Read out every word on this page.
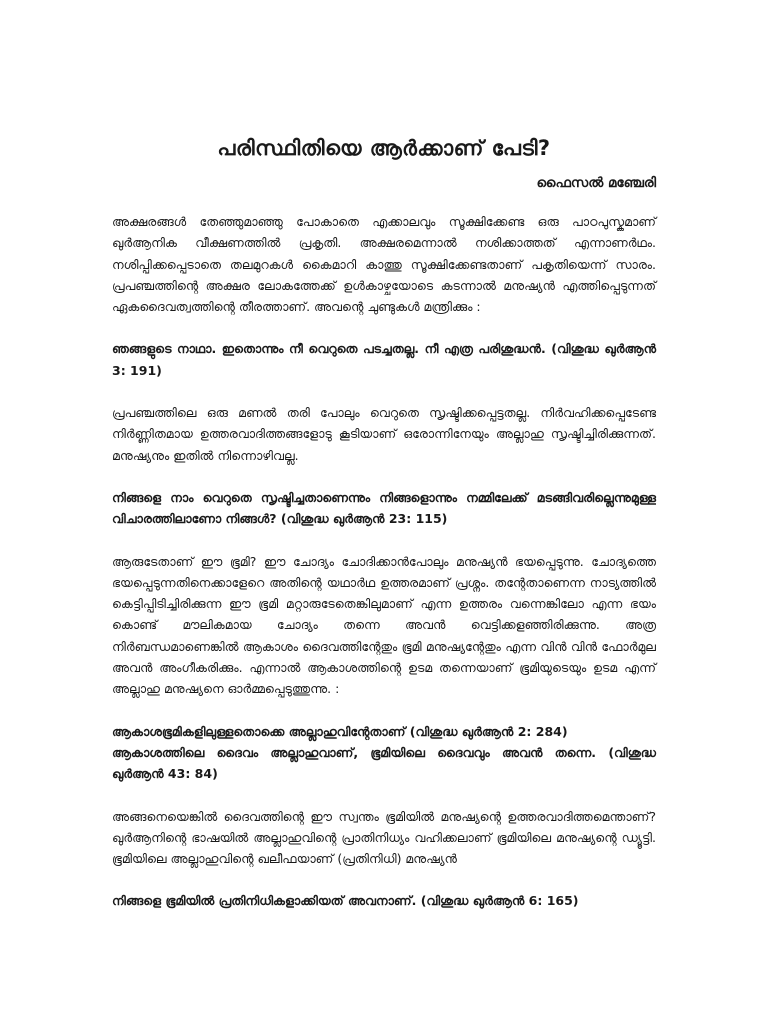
പരിസ്ഥിതിയെ ആർക്കാണ് പേടി?
ഫൈസൽ മഞ്ചേരി

അക്ഷരങ്ങൾ തേഞ്ഞുമാഞ്ഞു പോകാതെ എക്കാലവും സൂക്ഷിക്കേണ്ട ഒരു പാഠപുസ്കമാണ് ഖുർആനിക വീക്ഷണത്തിൽ പ്രകൃതി. അക്ഷരമെന്നാൽ നശിക്കാത്തത് എന്നാണർഥം. നശിപ്പിക്കപ്പെടാതെ തലമുറകൾ കൈമാറി കാത്തു സൂക്ഷിക്കേണ്ടതാണ് പകൃതിയെന്ന് സാരം. പ്രപഞ്ചത്തിന്റെ അക്ഷര ലോകത്തേക്ക് ഉൾകാഴ്ചയോടെ കടന്നാൽ മനുഷ്യൻ എത്തിപ്പെടുന്നത് ഏകദൈവത്വത്തിന്റെ തീരത്താണ്. അവന്റെ ചുണ്ടുകൾ മന്ത്രിക്കും :

ഞങ്ങളുടെ നാഥാ. ഇതൊന്നും നീ വെറുതെ പടച്ചതല്ല. നീ എത്ര പരിശുദ്ധൻ. (വിശുദ്ധ ഖുർആൻ 3: 191)

പ്രപഞ്ചത്തിലെ ഒരു മണൽ തരി പോലും വെറുതെ സൃഷ്ടിക്കപ്പെട്ടതല്ല. നിർവഹിക്കപ്പെടേണ്ട നിർണ്ണിതമായ ഉത്തരവാദിത്തങ്ങളോടു കൂടിയാണ് ഒരോന്നിനേയും അല്ലാഹു സൃഷ്ടിച്ചിരിക്കുന്നത്. മനുഷ്യനും ഇതിൽ നിന്നൊഴിവല്ല.

നിങ്ങളെ നാം വെറുതെ സൃഷ്ടിച്ചതാണെന്നും നിങ്ങളൊന്നും നമ്മിലേക്ക് മടങ്ങിവരില്ലെന്നുമുള്ള വിചാരത്തിലാണോ നിങ്ങൾ? (വിശുദ്ധ ഖുർആൻ 23: 115)

ആരുടേതാണ് ഈ ഭൂമി? ഈ ചോദ്യം ചോദിക്കാൻപോലും മനുഷ്യൻ ഭയപ്പെടുന്നു. ചോദ്യത്തെ ഭയപ്പെടുന്നതിനെക്കാളേറെ അതിന്റെ യഥാർഥ ഉത്തരമാണ് പ്രശ്നം. തന്റേതാണെന്ന നാട്യത്തിൽ കെട്ടിപ്പിടിച്ചിരിക്കുന്ന ഈ ഭൂമി മറ്റാരുടേതെങ്കിലുമാണ് എന്ന ഉത്തരം വന്നെങ്കിലോ എന്ന ഭയം കൊണ്ട് മൗലികമായ ചോദ്യം തന്നെ അവൻ വെട്ടിക്കളഞ്ഞിരിക്കുന്നു. അത്ര നിർബന്ധമാണെങ്കിൽ ആകാശം ദൈവത്തിന്റേതും ഭൂമി മനുഷ്യന്റേതും എന്ന വിൻ വിൻ ഫോർമുല അവൻ അംഗീകരിക്കും. എന്നാൽ ആകാശത്തിന്റെ ഉടമ തന്നെയാണ് ഭൂമിയുടെയും ഉടമ എന്ന് അല്ലാഹു മനുഷ്യനെ ഓർമ്മപ്പെടുത്തുന്നു. :

ആകാശഭൂമികളിലുള്ളതൊക്കെ അല്ലാഹുവിന്റേതാണ് (വിശുദ്ധ ഖുർആൻ 2: 284)

ആകാശത്തിലെ ദൈവം അല്ലാഹുവാണ്, ഭൂമിയിലെ ദൈവവും അവൻ തന്നെ. (വിശുദ്ധ ഖുർആൻ 43: 84)

അങ്ങനെയെങ്കിൽ ദൈവത്തിന്റെ ഈ സ്വന്തം ഭൂമിയിൽ മനുഷ്യന്റെ ഉത്തരവാദിത്തമെന്താണ്? ഖുർആനിന്റെ ഭാഷയിൽ അല്ലാഹുവിന്റെ പ്രാതിനിധ്യം വഹിക്കലാണ് ഭൂമിയിലെ മനുഷ്യന്റെ ഡ്യൂട്ടി. ഭൂമിയിലെ അല്ലാഹുവിന്റെ ഖലീഫയാണ് (പ്രതിനിധി) മനുഷ്യൻ

നിങ്ങളെ ഭൂമിയിൽ പ്രതിനിധികളാക്കിയത് അവനാണ്. (വിശുദ്ധ ഖുർആൻ 6: 165)
